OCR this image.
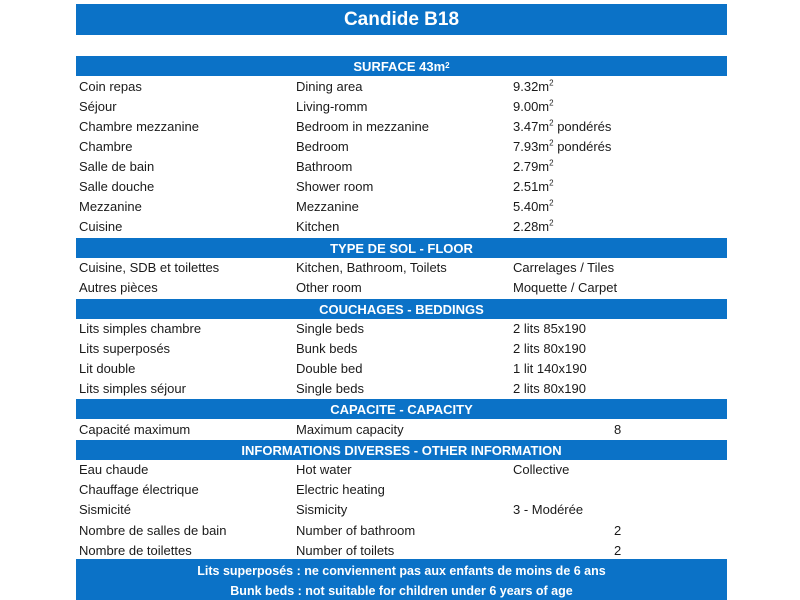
Candide B18
SURFACE 43m 2
Coin repas	Dining area	$9.32m^2$
Séjour	Living-romm	$9.00m^2$
Chambre mezzanine	Bedroom in mezzanine	$3.47m^2$ pondérés
Chambre	Bedroom	$7.93m^2$ pondérés
Salle de bain	Bathroom	$2.79m^2$
Salle douche	Shower room	$2.51m^2$
Mezzanine	Mezzanine	$5.40m^2$
Cuisine	Kitchen	$2.28m^2$
TYPE DE SOL - FLOOR
Cuisine, SDB et toilettes	Kitchen, Bathroom, Toilets	Carrelages / Tiles
Autres pièces	Other room	Moquette / Carpet
COUCHAGES - BEDDINGS
Lits simples chambre	Single beds	2 lits 85x190
Lits superposés	Bunk beds	2 lits 80x190
Lit double	Double bed	1 lit 140x190
Lits simples séjour	Single beds	2 lits 80x190
CAPACITE - CAPACITY
Capacité maximum	Maximum capacity	8
INFORMATIONS DIVERSES - OTHER INFORMATION
Eau chaude	Hot water	Collective
Chauffage électrique	Electric heating
Sismicité	Sismicity	3 - Modérée
Nombre de salles de bain	Number of bathroom	2
Nombre de toilettes	Number of toilets	2
Lits superposés : ne conviennent pas aux enfants de moins de 6 ans
Bunk beds : not suitable for children under 6 years of age
